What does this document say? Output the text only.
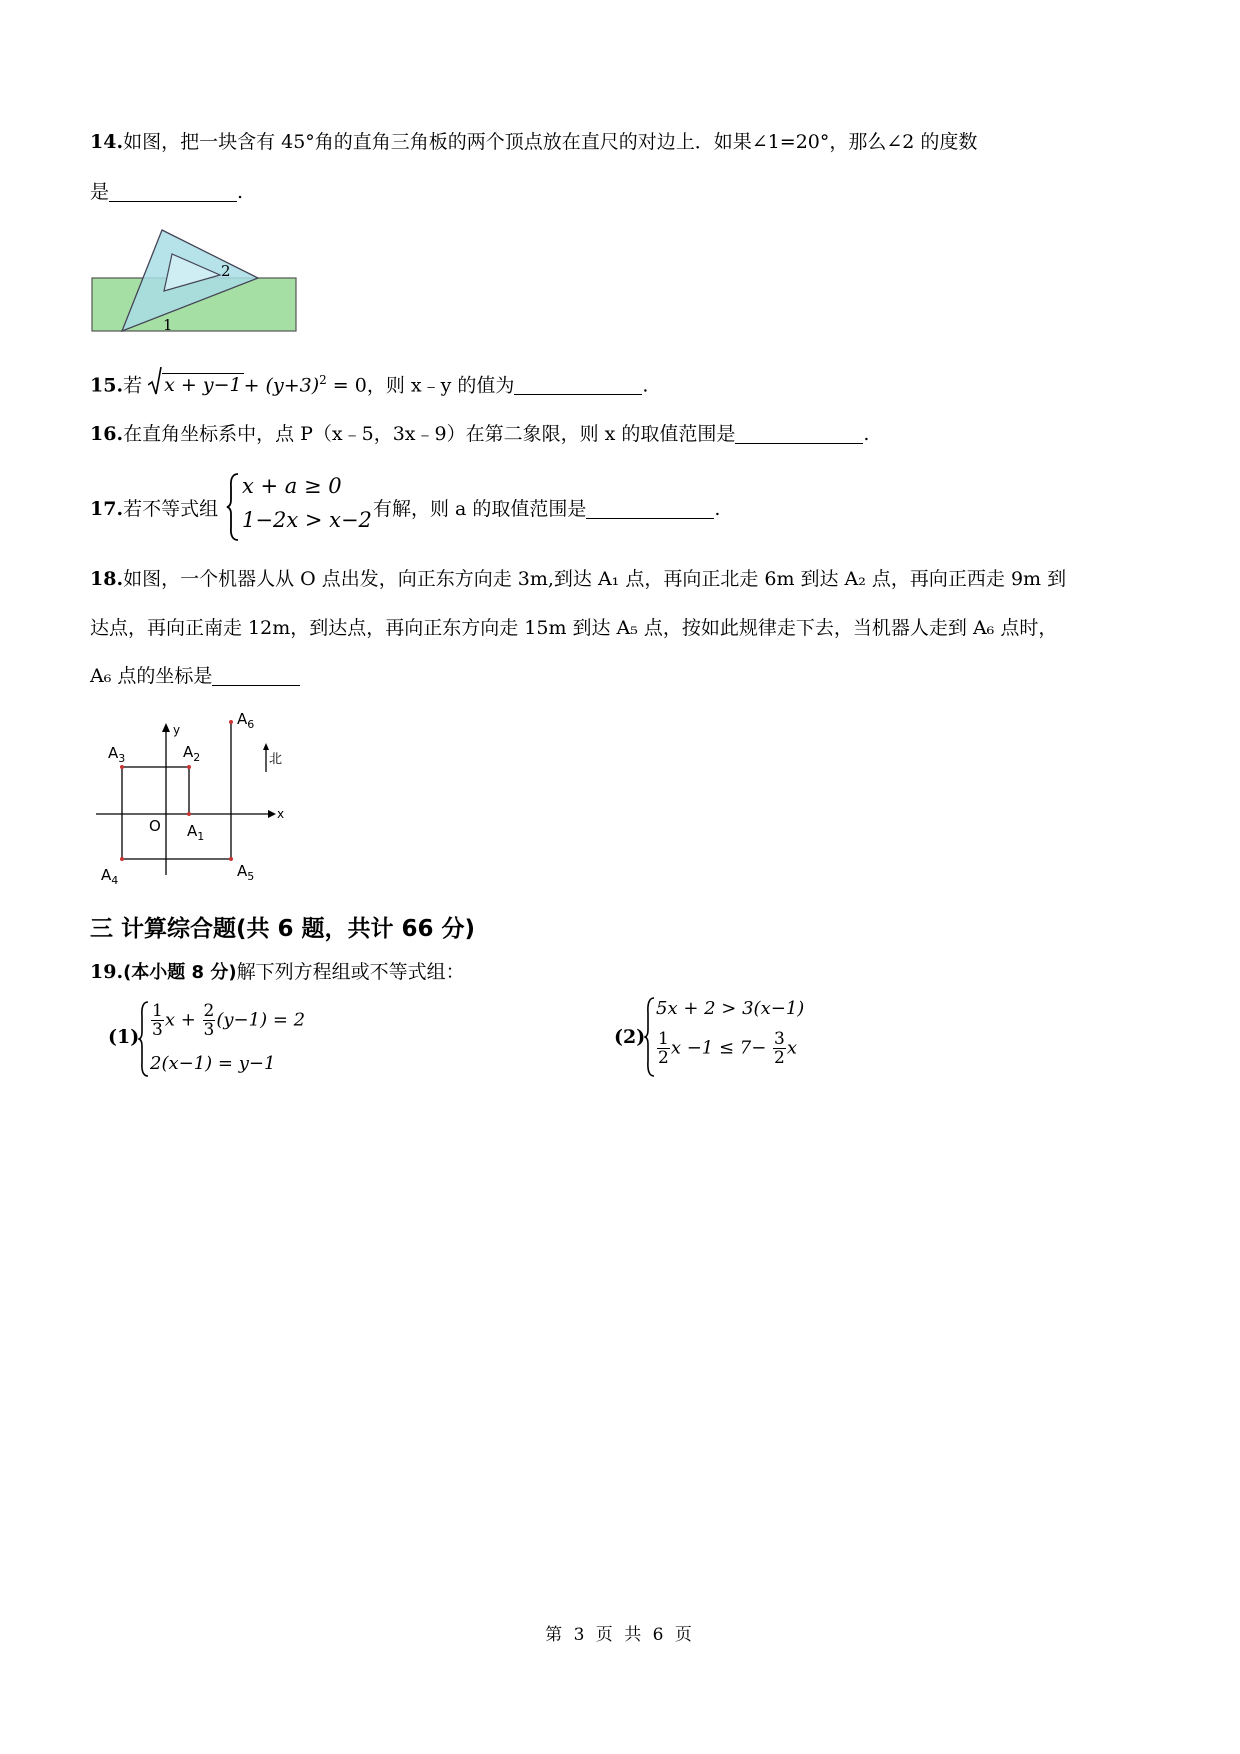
14.如图，把一块含有 45°角的直角三角板的两个顶点放在直尺的对边上．如果∠1=20°，那么∠2 的度数
是	.
2
1
15.若 $x + y-1 + (y+3)^2 = 0$，则 x﹣y 的值为	.
16.在直角坐标系中，点 P（x﹣5，3x﹣9）在第二象限，则 x 的取值范围是	.
17.若不等式组
x + a ≥ 0
1−2x > x−2 有解，则 a 的取值范围是	.
18.如图，一个机器人从 O 点出发，向正东方向走 3m,到达 A₁ 点，再向正北走 6m 到达 A₂ 点，再向正西走 9m 到
达点，再向正南走 12m，到达点，再向正东方向走 15m 到达 A₅ 点，按如此规律走下去，当机器人走到 A₆ 点时，
A₆ 点的坐标是
y
x
$A_3$	$A_2$
$A_6$
O $A_1$
$A_4$
$A_5$
北
三 计算综合题(共 6 题，共计 66 分)
19.(本小题 8 分)解下列方程组或不等式组：
$(1) \frac{1}{3}$ $x + \frac{2}{3} (y-1) = 2$
2(x−1) = y−1
(2)
5x + 2 > 3(x−1)
$\frac{1}{2}$ $x -1 \le 7- \frac{3}{2}$ x
第 3 页 共 6 页
